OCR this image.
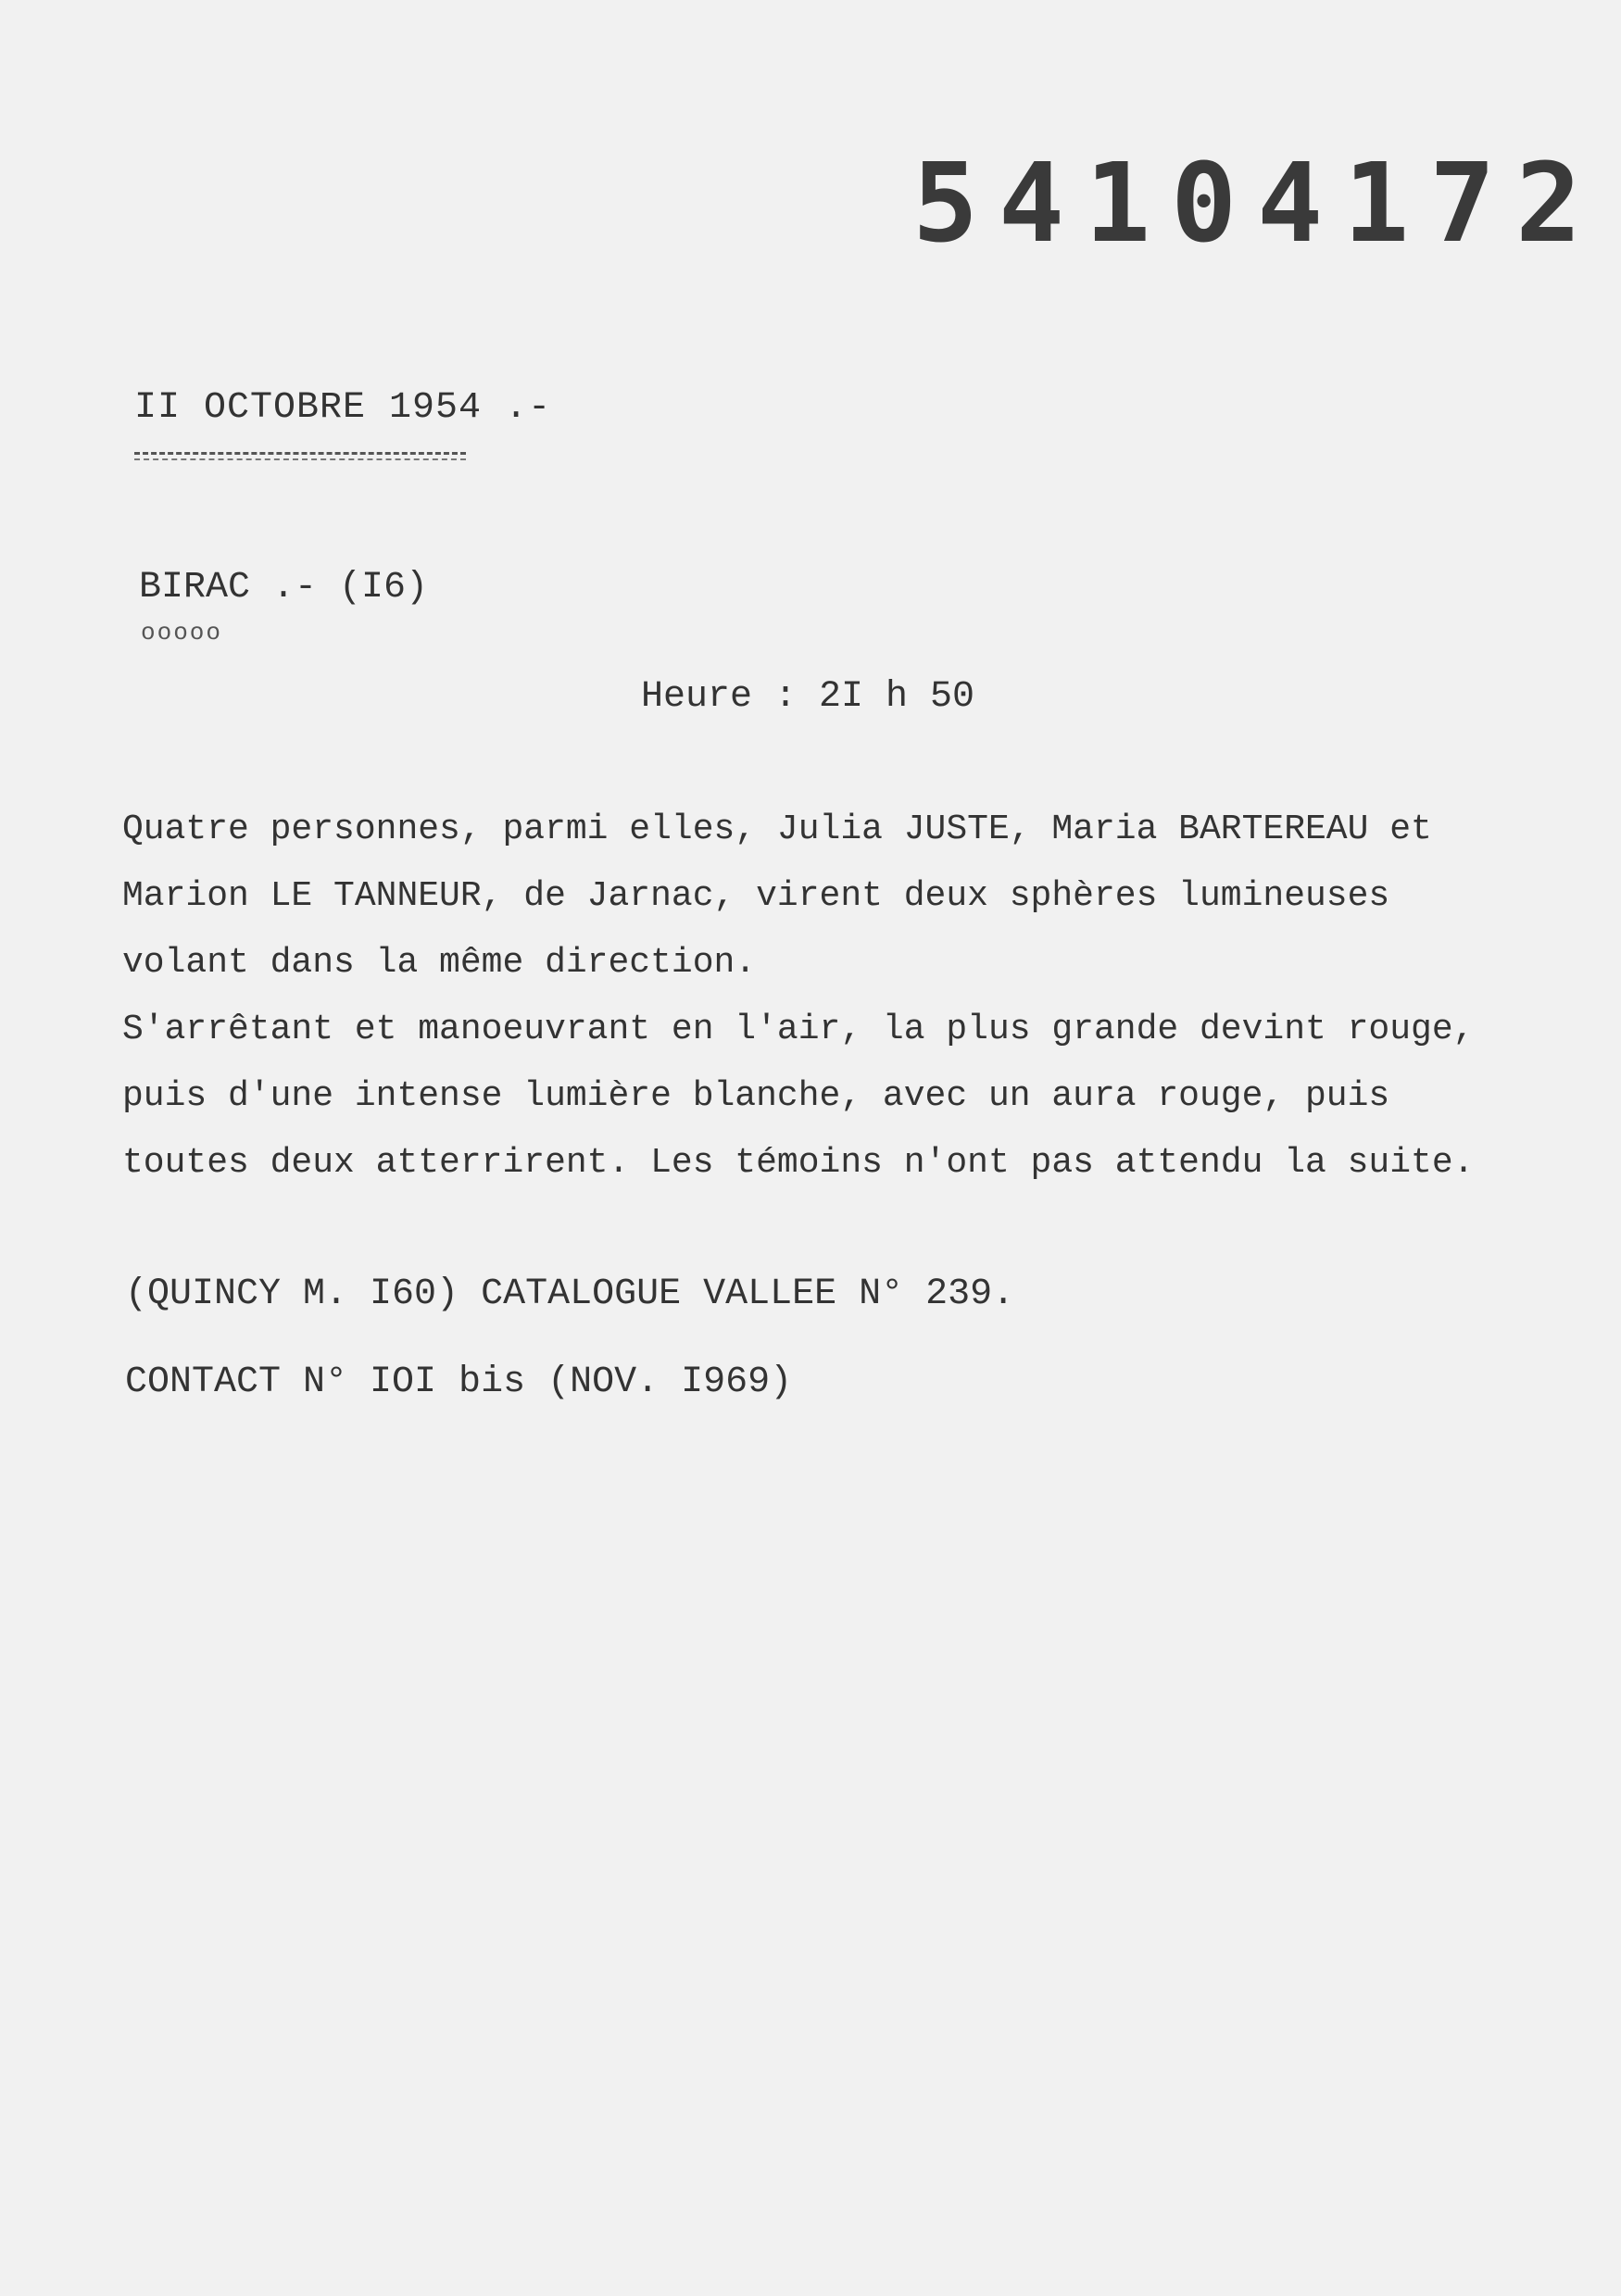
54104172
II OCTOBRE 1954 .-
BIRAC .- (I6)
ooooo
Heure : 2I h 50

Quatre personnes, parmi elles, Julia JUSTE, Maria BARTEREAU et

Marion LE TANNEUR, de Jarnac, virent deux sphères lumineuses

volant dans la même direction.

S'arrêtant et manoeuvrant en l'air, la plus grande devint rouge,

puis d'une intense lumière blanche, avec un aura rouge, puis

toutes deux atterrirent. Les témoins n'ont pas attendu la suite.

(QUINCY M. I60) CATALOGUE VALLEE N° 239.
CONTACT N° IOI bis (NOV. I969)
